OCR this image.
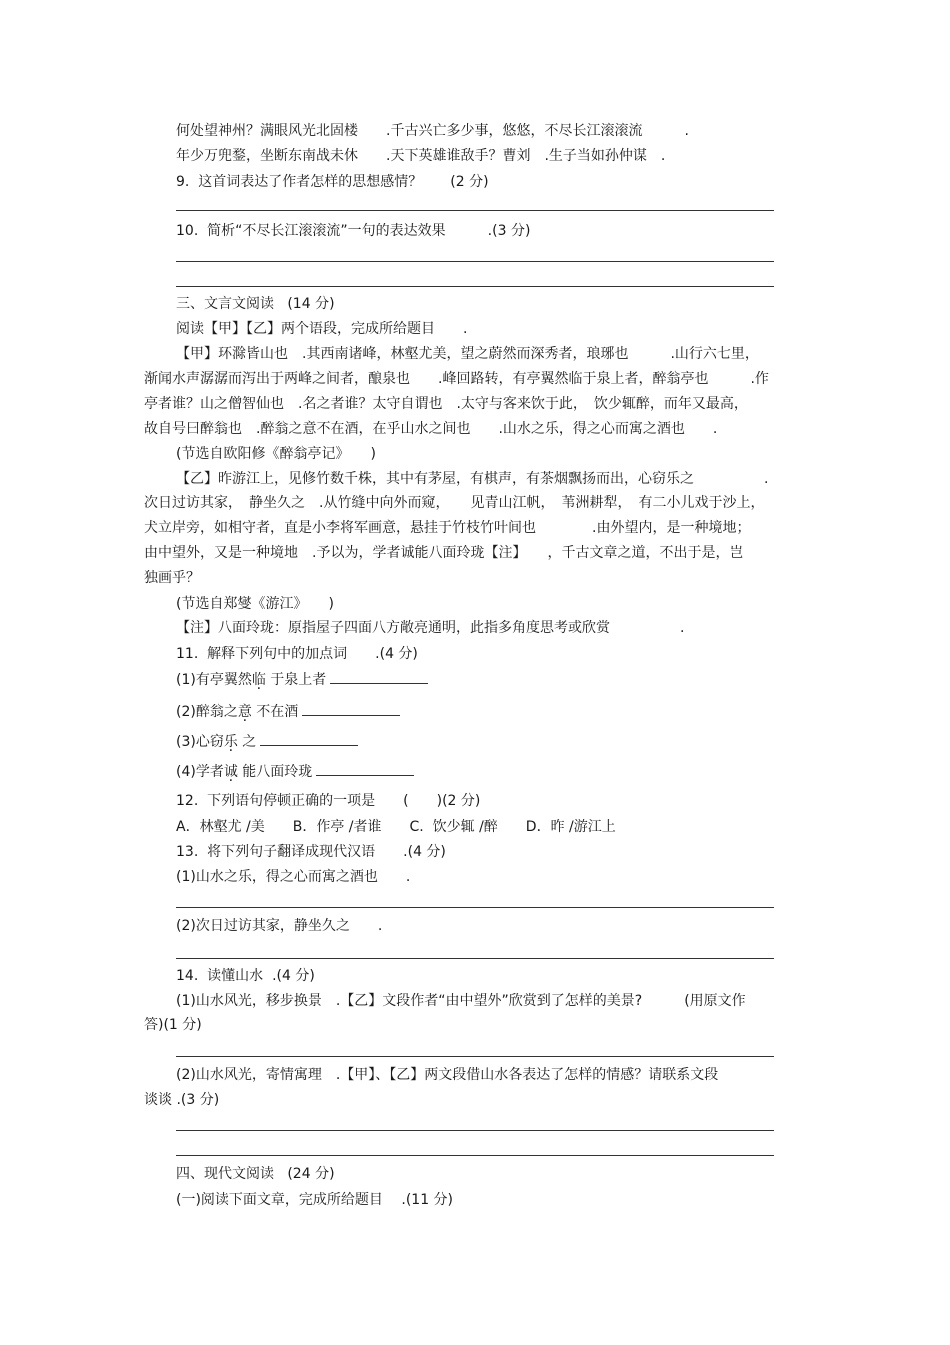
何处望神州？满眼风光北固楼　　.千古兴亡多少事，悠悠，不尽长江滚滚流　　　.
年少万兜鍪，坐断东南战未休　　.天下英雄谁敌手？曹刘　.生子当如孙仲谋　.
9.  这首词表达了作者怎样的思想感情？　　(2 分)
10.  简析“不尽长江滚滚流”一句的表达效果　　　.(3 分)
三、文言文阅读   (14 分)
阅读【甲】【乙】两个语段，完成所给题目　　.
【甲】环滁皆山也　.其西南诸峰，林壑尤美，望之蔚然而深秀者，琅琊也　　　.山行六七里，
渐闻水声潺潺而泻出于两峰之间者，酿泉也　　.峰回路转，有亭翼然临于泉上者，醉翁亭也　　　.作
亭者谁？山之僧智仙也　.名之者谁？太守自谓也　.太守与客来饮于此，　饮少辄醉，而年又最高，
故自号曰醉翁也　.醉翁之意不在酒，在乎山水之间也　　.山水之乐，得之心而寓之酒也　　.
(节选自欧阳修《醉翁亭记》　　)
【乙】昨游江上，见修竹数千株，其中有茅屋，有棋声，有茶烟飘扬而出，心窃乐之　　　　　.
次日过访其家，　静坐久之　.从竹缝中向外而窥，　　见青山江帆，　苇洲耕犁，　有二小儿戏于沙上，
犬立岸旁，如相守者，直是小李将军画意，悬挂于竹枝竹叶间也　　　　.由外望内，是一种境地；
由中望外，又是一种境地　.予以为，学者诚能八面玲珑【注】　　，千古文章之道，不出于是，岂
独画乎？
(节选自郑燮《游江》　　)
【注】八面玲珑：原指屋子四面八方敞亮通明，此指多角度思考或欣赏　　　　　.
11.  解释下列句中的加点词　　.(4 分)
(1)有亭翼然临 于泉上者
(2)醉翁之意 不在酒
(3)心窃乐 之
(4)学者诚 能八面玲珑
12.  下列语句停顿正确的一项是　　(　　)(2 分)
A．林壑尤 /美　　B．作亭 /者谁　　C.  饮少辄 /醉　　D．昨 /游江上
13.  将下列句子翻译成现代汉语　　.(4 分)
(1)山水之乐，得之心而寓之酒也　　.
(2)次日过访其家，静坐久之　　.
14.  读懂山水  .(4 分)
(1)山水风光，移步换景　.【乙】文段作者“由中望外”欣赏到了怎样的美景?　　　(用原文作
答)(1 分)
(2)山水风光，寄情寓理　.【甲】、【乙】两文段借山水各表达了怎样的情感？请联系文段
谈谈 .(3 分)
四、现代文阅读   (24 分)
(一)阅读下面文章，完成所给题目　 .(11 分)
